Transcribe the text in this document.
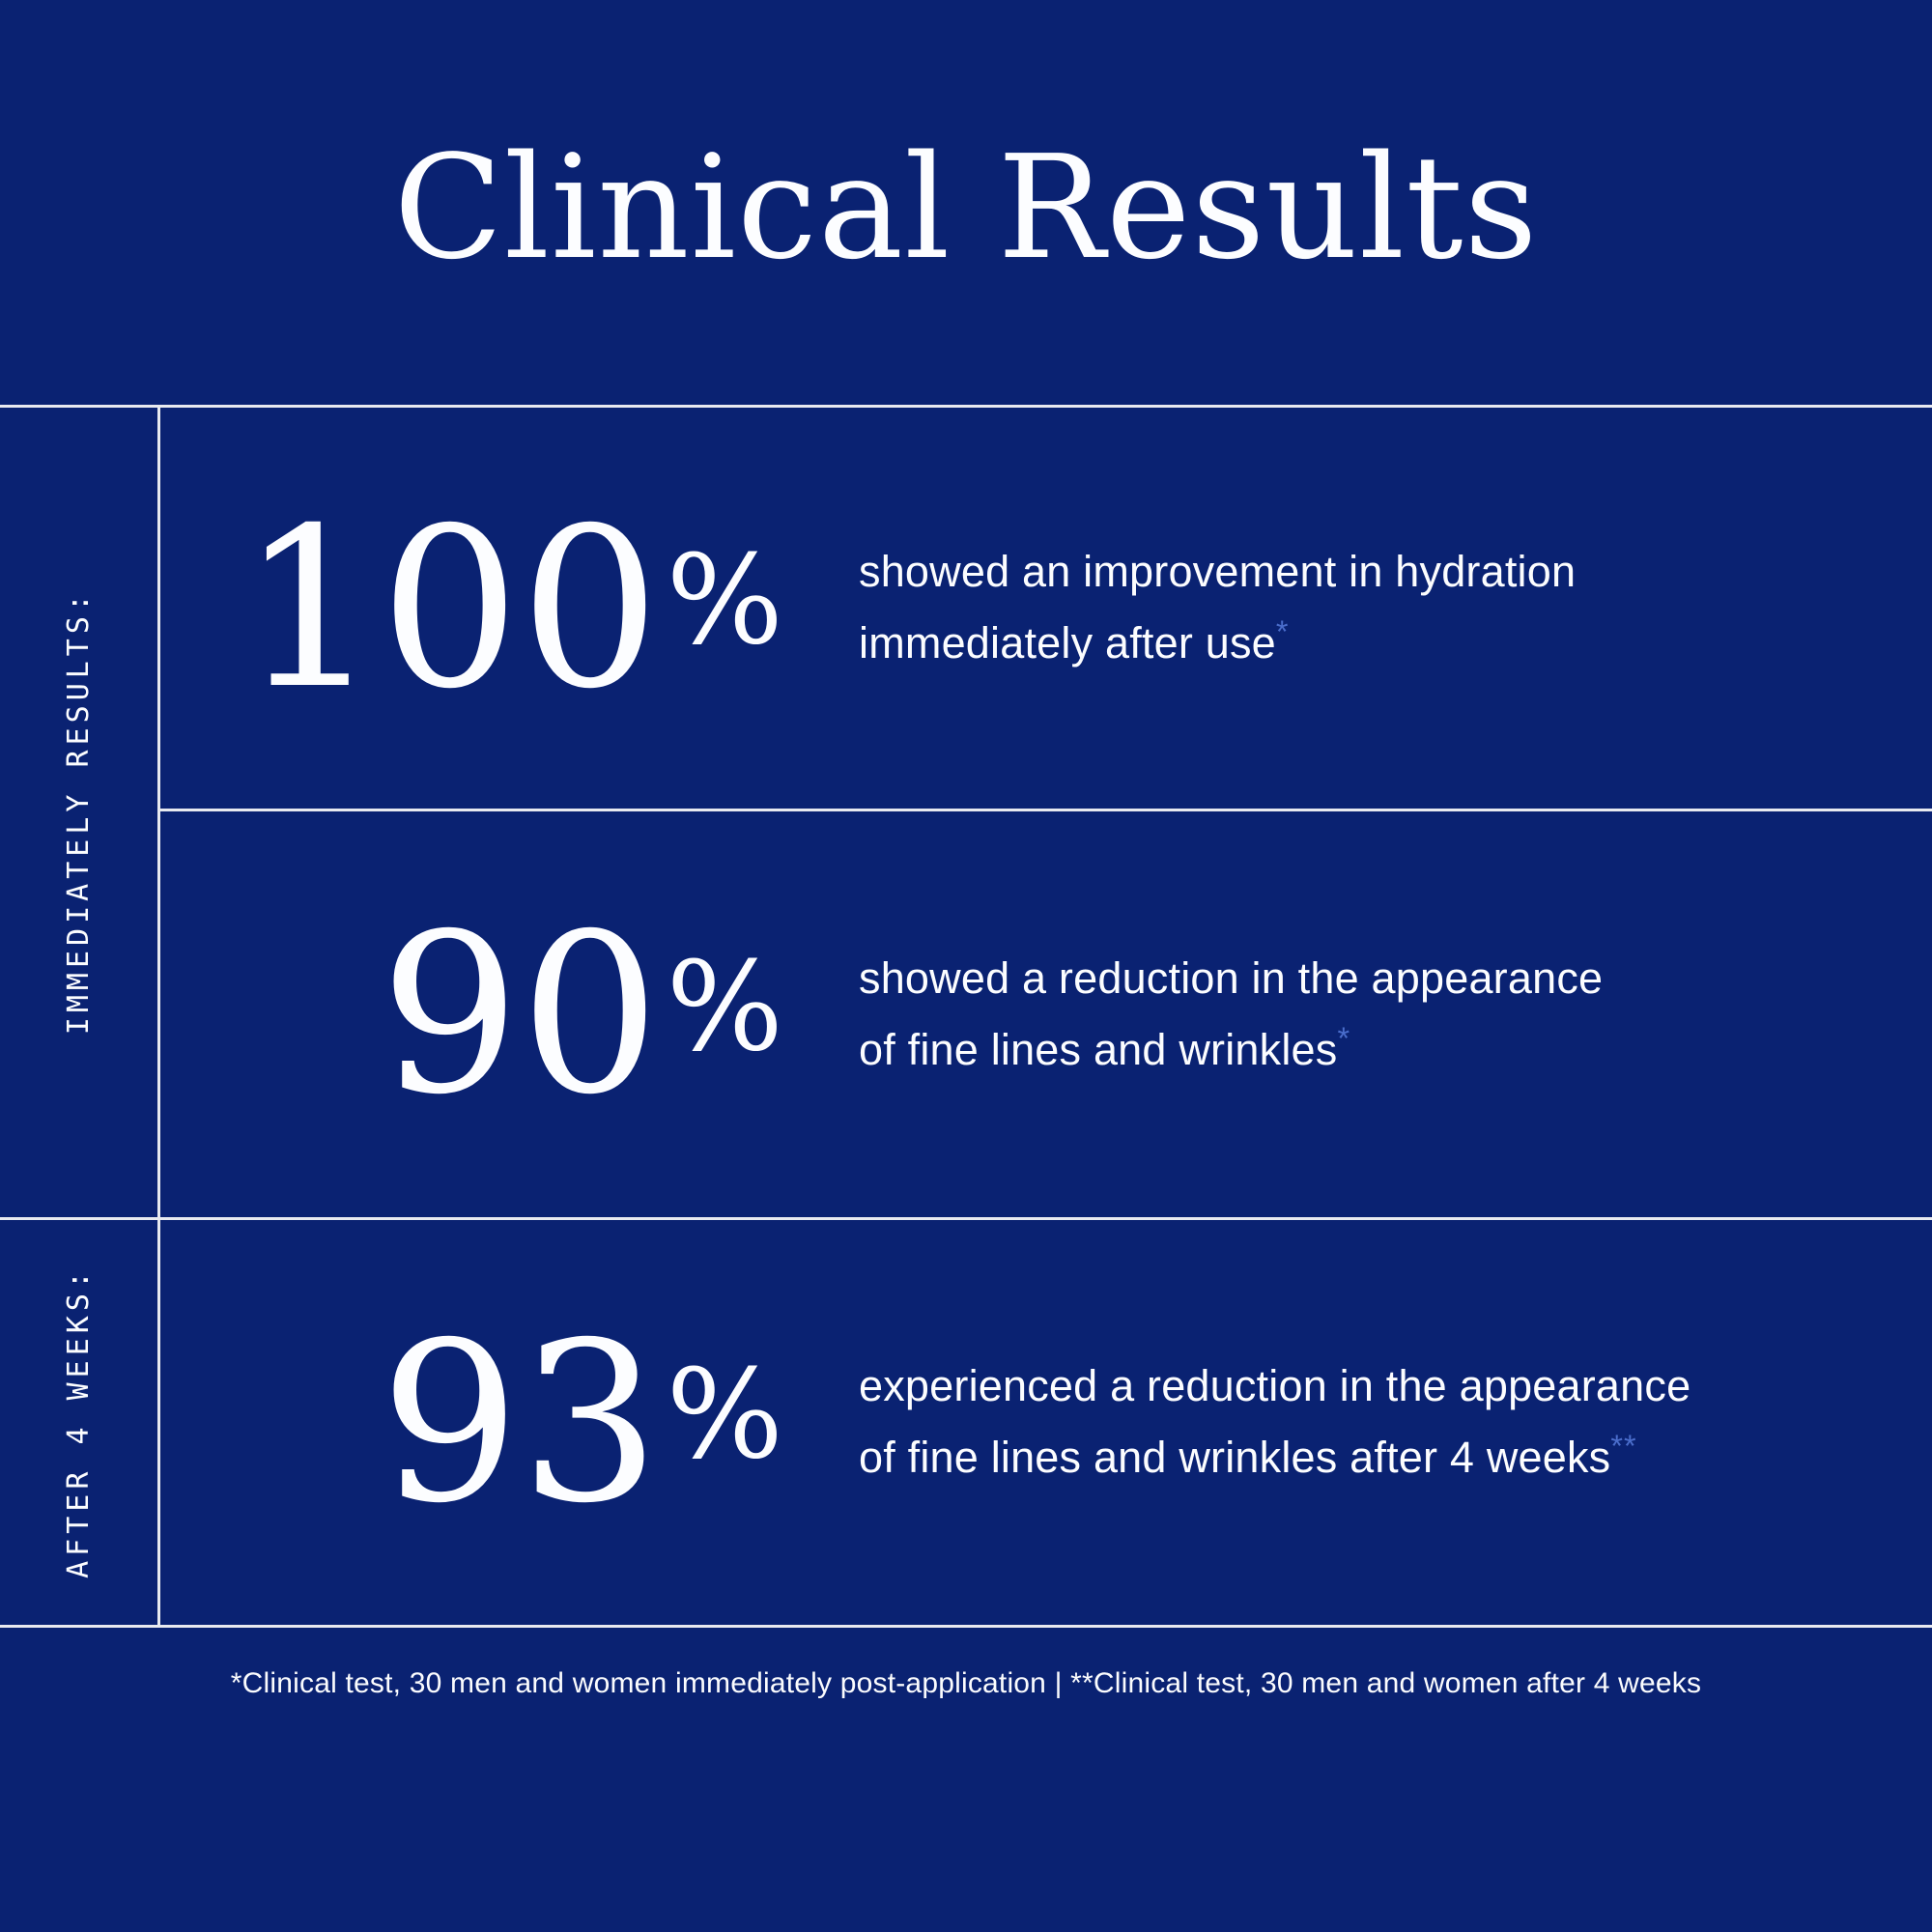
Clinical Results
IMMEDIATELY RESULTS: 100% showed an improvement in hydration
immediately after use*
90% showed a reduction in the appearance
of fine lines and wrinkles*
AFTER 4 WEEKS:	93% experienced a reduction in the appearance
of fine lines and wrinkles after 4 weeks**
*Clinical test, 30 men and women immediately post-application | **Clinical test, 30 men and women after 4 weeks
